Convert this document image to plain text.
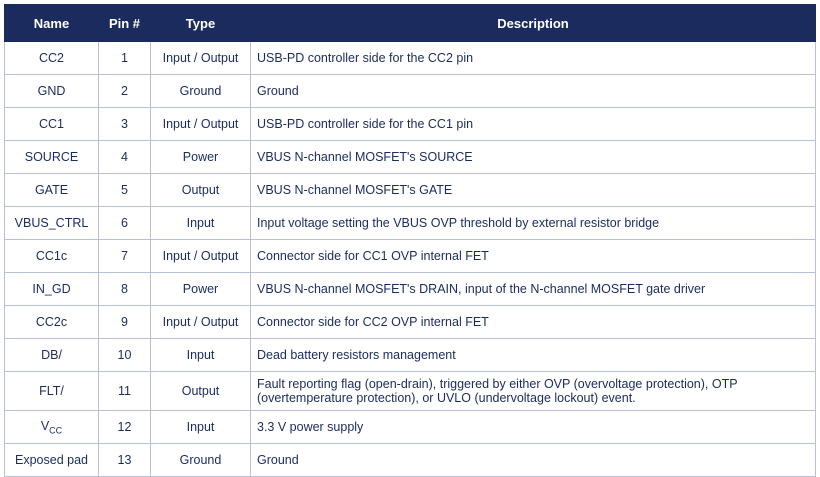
Name	Pin #	Type	Description
CC2	1	Input / Output	USB-PD controller side for the CC2 pin
GND	2	Ground	Ground
CC1	3	Input / Output	USB-PD controller side for the CC1 pin
SOURCE	4	Power	VBUS N-channel MOSFET's SOURCE
GATE	5	Output	VBUS N-channel MOSFET's GATE
VBUS_CTRL	6	Input	Input voltage setting the VBUS OVP threshold by external resistor bridge
CC1c	7	Input / Output	Connector side for CC1 OVP internal FET
IN_GD	8	Power	VBUS N-channel MOSFET's DRAIN, input of the N-channel MOSFET gate driver
CC2c	9	Input / Output	Connector side for CC2 OVP internal FET
DB/	10	Input	Dead battery resistors management
FLT/	11	Output	Fault reporting flag (open-drain), triggered by either OVP (overvoltage protection), OTP (overtemperature protection), or UVLO (undervoltage lockout) event.
$V_{CC}$	12	Input	3.3 V power supply
Exposed pad	13	Ground	Ground
